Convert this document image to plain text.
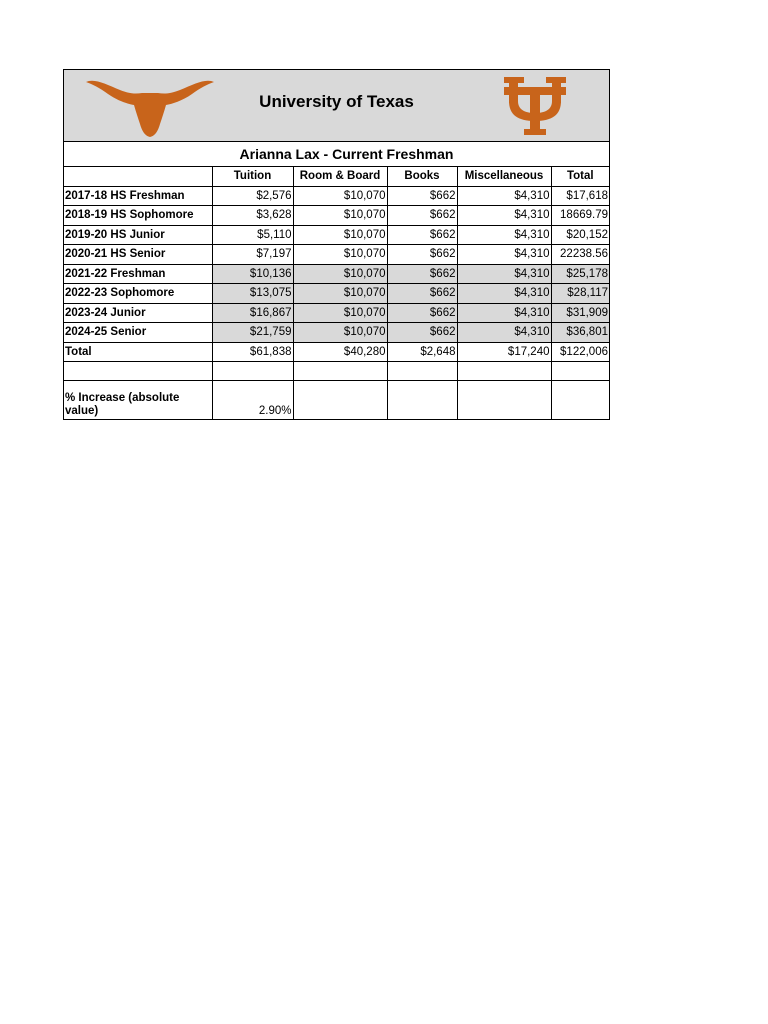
University of Texas
Arianna Lax - Current Freshman
	Tuition	Room & Board	Books	Miscellaneous	Total
2017-18 HS Freshman	$2,576	$10,070	$662	$4,310	$17,618
2018-19 HS Sophomore	$3,628	$10,070	$662	$4,310	18669.79
2019-20 HS Junior	$5,110	$10,070	$662	$4,310	$20,152
2020-21 HS Senior	$7,197	$10,070	$662	$4,310	22238.56
2021-22 Freshman	$10,136	$10,070	$662	$4,310	$25,178
2022-23 Sophomore	$13,075	$10,070	$662	$4,310	$28,117
2023-24 Junior	$16,867	$10,070	$662	$4,310	$31,909
2024-25 Senior	$21,759	$10,070	$662	$4,310	$36,801
Total	$61,838	$40,280	$2,648	$17,240	$122,006

% Increase (absolute value)	2.90%				
